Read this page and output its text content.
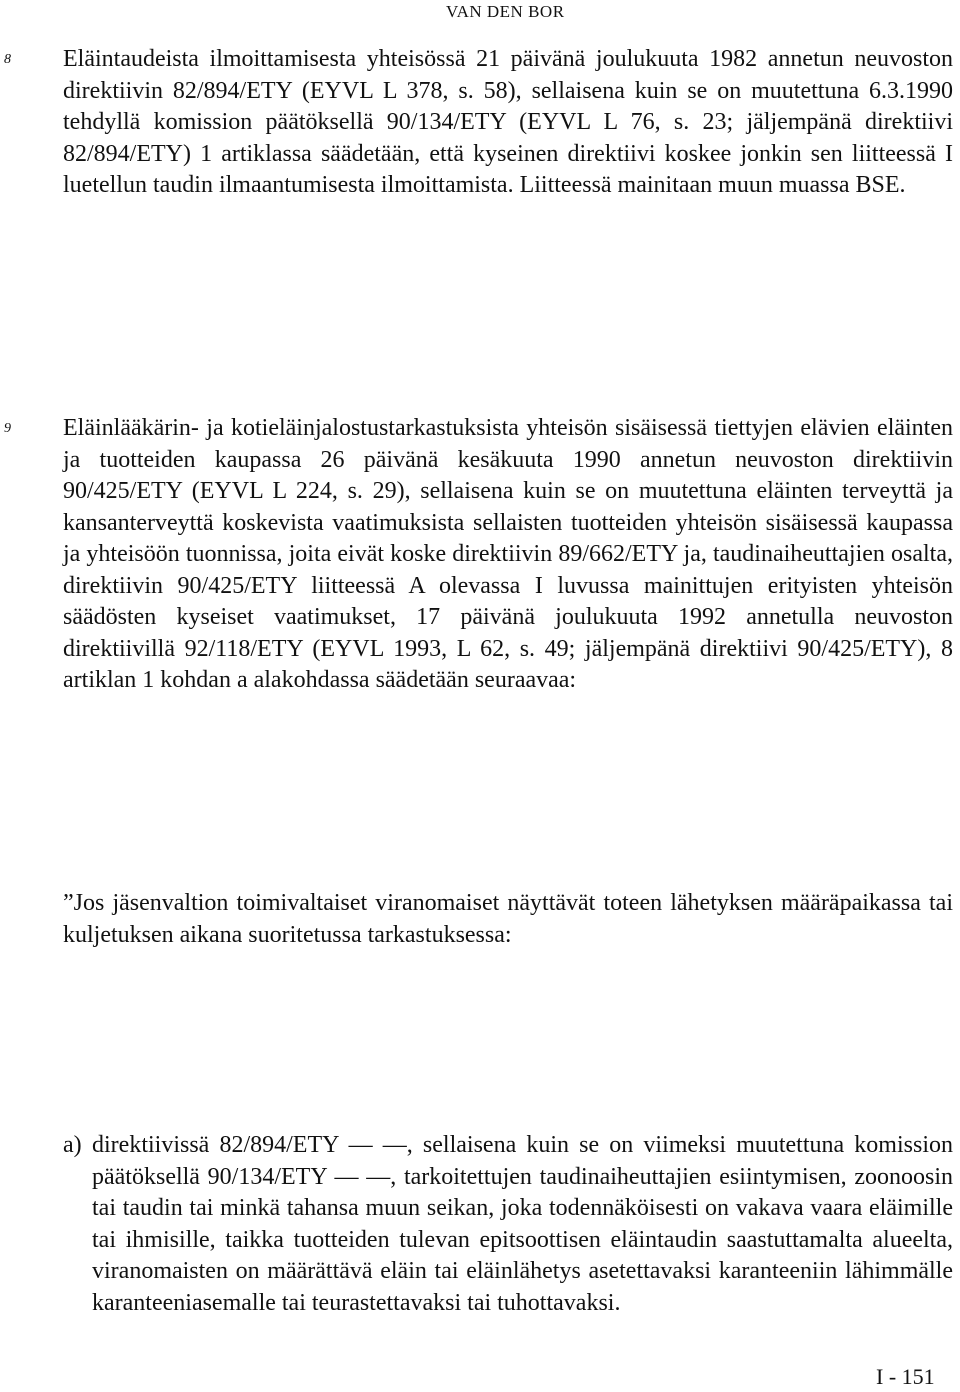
VAN DEN BOR
8 Eläintaudeista ilmoittamisesta yhteisössä 21 päivänä joulukuuta 1982 annetun neuvoston direktiivin 82/894/ETY (EYVL L 378, s. 58), sellaisena kuin se on muutettuna 6.3.1990 tehdyllä komission päätöksellä 90/134/ETY (EYVL L 76, s. 23; jäljempänä direktiivi 82/894/ETY) 1 artiklassa säädetään, että kyseinen direktiivi koskee jonkin sen liitteessä I luetellun taudin ilmaantumisesta ilmoittamista. Liitteessä mainitaan muun muassa BSE.

9 Eläinlääkärin- ja kotieläinjalostustarkastuksista yhteisön sisäisessä tiettyjen elävien eläinten ja tuotteiden kaupassa 26 päivänä kesäkuuta 1990 annetun neuvoston direktiivin 90/425/ETY (EYVL L 224, s. 29), sellaisena kuin se on muutettuna eläinten terveyttä ja kansanterveyttä koskevista vaatimuksista sellaisten tuotteiden yhteisön sisäisessä kaupassa ja yhteisöön tuonnissa, joita eivät koske direktiivin 89/662/ETY ja, taudinaiheuttajien osalta, direktiivin 90/425/ETY liitteessä A olevassa I luvussa mainittujen erityisten yhteisön säädösten kyseiset vaatimukset, 17 päivänä joulukuuta 1992 annetulla neuvoston direktiivillä 92/118/ETY (EYVL 1993, L 62, s. 49; jäljempänä direktiivi 90/425/ETY), 8 artiklan 1 kohdan a alakohdassa säädetään seuraavaa:

”Jos jäsenvaltion toimivaltaiset viranomaiset näyttävät toteen lähetyksen määräpaikassa tai kuljetuksen aikana suoritetussa tarkastuksessa:

a) direktiivissä 82/894/ETY — —, sellaisena kuin se on viimeksi muutettuna komission päätöksellä 90/134/ETY — —, tarkoitettujen taudinaiheuttajien esiintymisen, zoonoosin tai taudin tai minkä tahansa muun seikan, joka todennäköisesti on vakava vaara eläimille tai ihmisille, taikka tuotteiden tulevan epitsoottisen eläintaudin saastuttamalta alueelta, viranomaisten on määrättävä eläin tai eläinlähetys asetettavaksi karanteeniin lähimmälle karanteeniasemalle tai teurastettavaksi tai tuhottavaksi.

I - 151
